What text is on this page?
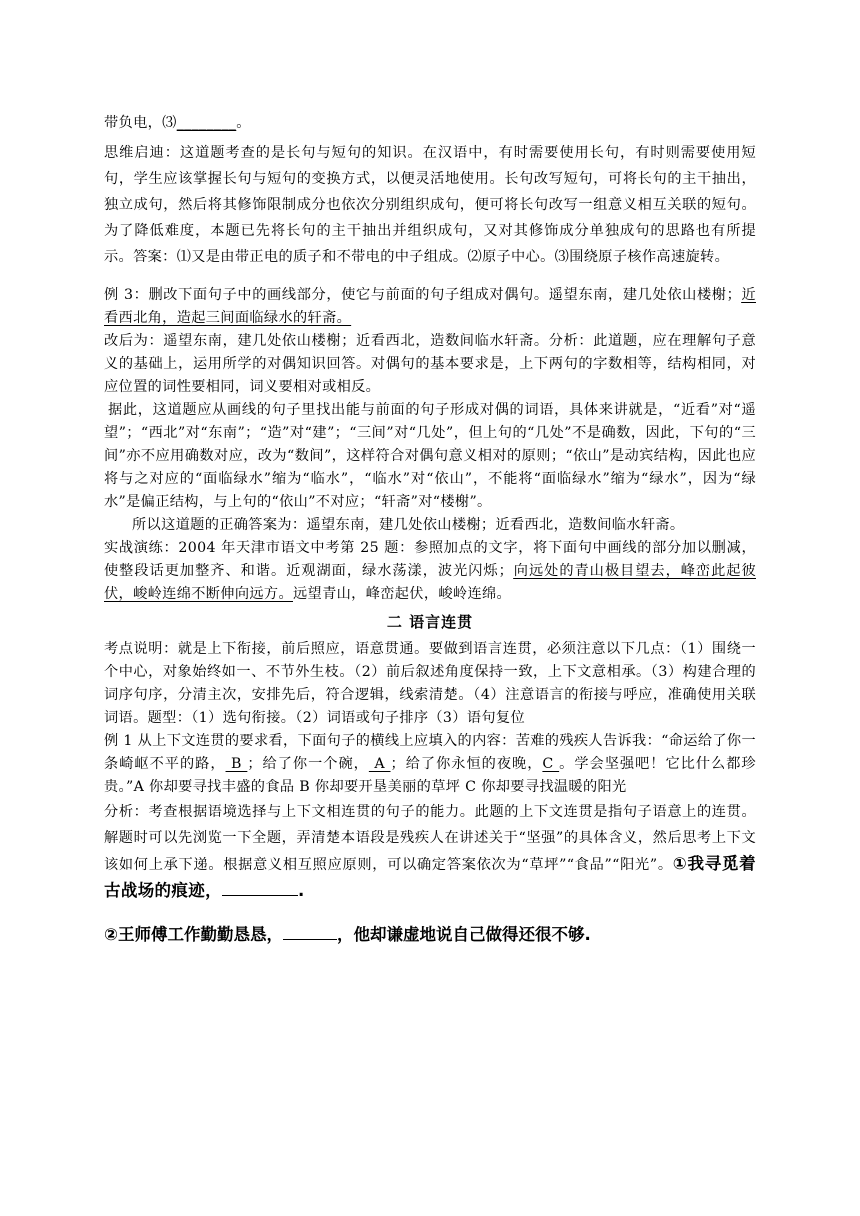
带负电，⑶________。

思维启迪：这道题考查的是长句与短句的知识。在汉语中，有时需要使用长句，有时则需要使用短句，学生应该掌握长句与短句的变换方式，以便灵活地使用。长句改写短句，可将长句的主干抽出，独立成句，然后将其修饰限制成分也依次分别组织成句，便可将长句改写一组意义相互关联的短句。为了降低难度，本题已先将长句的主干抽出并组织成句，又对其修饰成分单独成句的思路也有所提示。答案：⑴又是由带正电的质子和不带电的中子组成。⑵原子中心。⑶围绕原子核作高速旋转。

例 3：删改下面句子中的画线部分，使它与前面的句子组成对偶句。遥望东南，建几处依山楼榭；近看西北角，造起三间面临绿水的轩斋。

改后为：遥望东南，建几处依山楼榭；近看西北，造数间临水轩斋。分析：此道题，应在理解句子意义的基础上，运用所学的对偶知识回答。对偶句的基本要求是，上下两句的字数相等，结构相同，对应位置的词性要相同，词义要相对或相反。

据此，这道题应从画线的句子里找出能与前面的句子形成对偶的词语，具体来讲就是，“近看”对“遥望”；“西北”对“东南”；“造”对“建”；“三间”对“几处”，但上句的“几处”不是确数，因此，下句的“三间”亦不应用确数对应，改为“数间”，这样符合对偶句意义相对的原则；“依山”是动宾结构，因此也应将与之对应的“面临绿水”缩为“临水”，“临水”对“依山”，不能将“面临绿水”缩为“绿水”，因为“绿水”是偏正结构，与上句的“依山”不对应；“轩斋”对“楼榭”。

所以这道题的正确答案为：遥望东南，建几处依山楼榭；近看西北，造数间临水轩斋。

实战演练：2004 年天津市语文中考第 25 题：参照加点的文字，将下面句中画线的部分加以删减，使整段话更加整齐、和谐。近观湖面，绿水荡漾，波光闪烁；向远处的青山极目望去，峰峦此起彼伏，峻岭连绵不断伸向远方。远望青山，峰峦起伏，峻岭连绵。

二 语言连贯

考点说明：就是上下衔接，前后照应，语意贯通。要做到语言连贯，必须注意以下几点：（1）围绕一个中心，对象始终如一、不节外生枝。（2）前后叙述角度保持一致，上下文意相承。（3）构建合理的词序句序，分清主次，安排先后，符合逻辑，线索清楚。（4）注意语言的衔接与呼应，准确使用关联词语。题型：（1）选句衔接。（2）词语或句子排序（3）语句复位

例 1 从上下文连贯的要求看，下面句子的横线上应填入的内容：苦难的残疾人告诉我：“命运给了你一条崎岖不平的路， B ；给了你一个碗， A ；给了你永恒的夜晚，C 。学会坚强吧！它比什么都珍贵。”A 你却要寻找丰盛的食品 B 你却要开垦美丽的草坪 C 你却要寻找温暖的阳光

分析：考查根据语境选择与上下文相连贯的句子的能力。此题的上下文连贯是指句子语意上的连贯。解题时可以先浏览一下全题，弄清楚本语段是残疾人在讲述关于“坚强”的具体含义，然后思考上下文该如何上承下递。根据意义相互照应原则，可以确定答案依次为“草坪”“食品”“阳光”。①我寻觅着古战场的痕迹，	.

②王师傅工作勤勤恳恳，	，他却谦虚地说自己做得还很不够.
